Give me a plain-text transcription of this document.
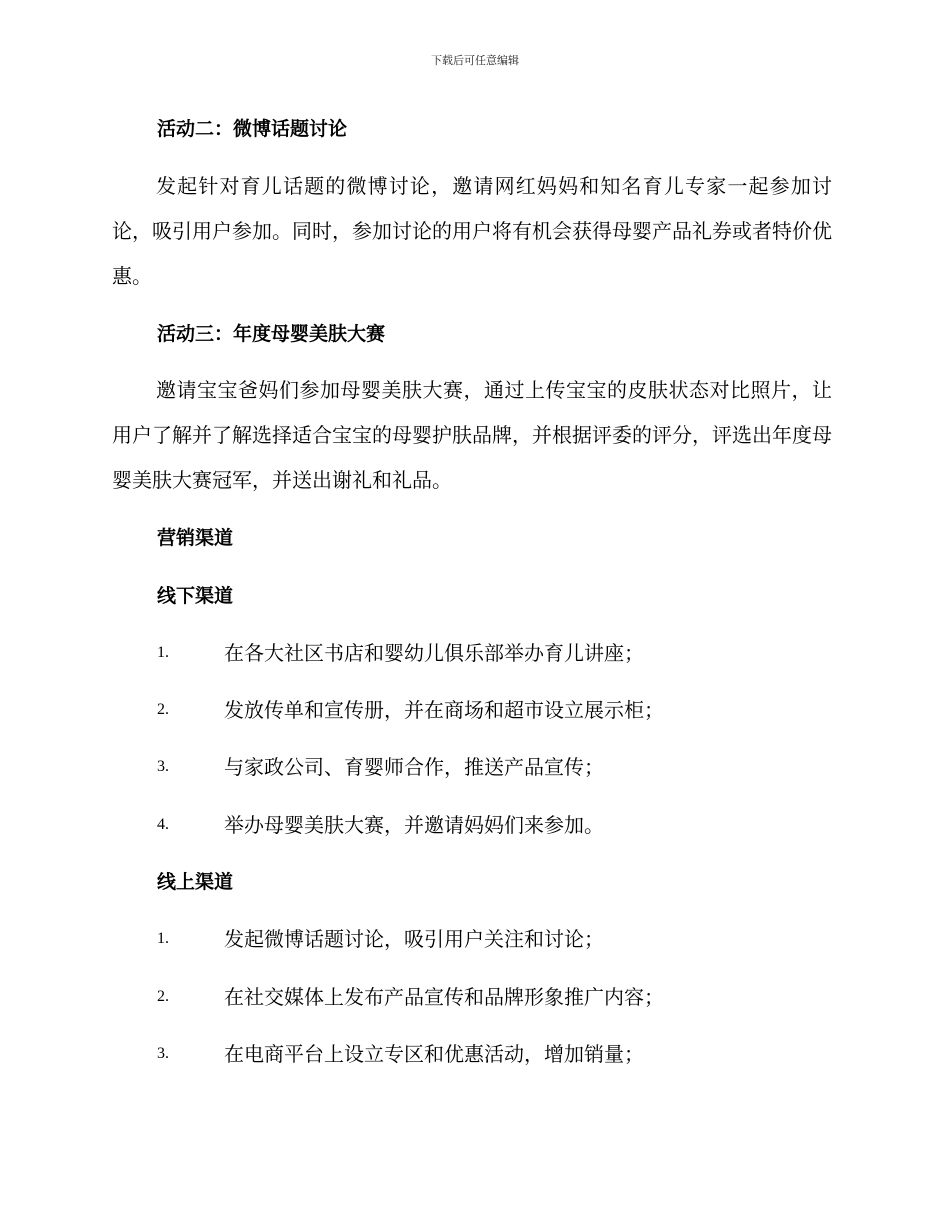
下载后可任意编辑
活动二：微博话题讨论
发起针对育儿话题的微博讨论，邀请网红妈妈和知名育儿专家一起参加讨论，吸引用户参加。同时，参加讨论的用户将有机会获得母婴产品礼券或者特价优惠。
活动三：年度母婴美肤大赛
邀请宝宝爸妈们参加母婴美肤大赛，通过上传宝宝的皮肤状态对比照片，让用户了解并了解选择适合宝宝的母婴护肤品牌，并根据评委的评分，评选出年度母婴美肤大赛冠军，并送出谢礼和礼品。
营销渠道
线下渠道
1.	在各大社区书店和婴幼儿俱乐部举办育儿讲座；
2.	发放传单和宣传册，并在商场和超市设立展示柜；
3.	与家政公司、育婴师合作，推送产品宣传；
4.	举办母婴美肤大赛，并邀请妈妈们来参加。
线上渠道
1.	发起微博话题讨论，吸引用户关注和讨论；
2.	在社交媒体上发布产品宣传和品牌形象推广内容；
3.	在电商平台上设立专区和优惠活动，增加销量；
